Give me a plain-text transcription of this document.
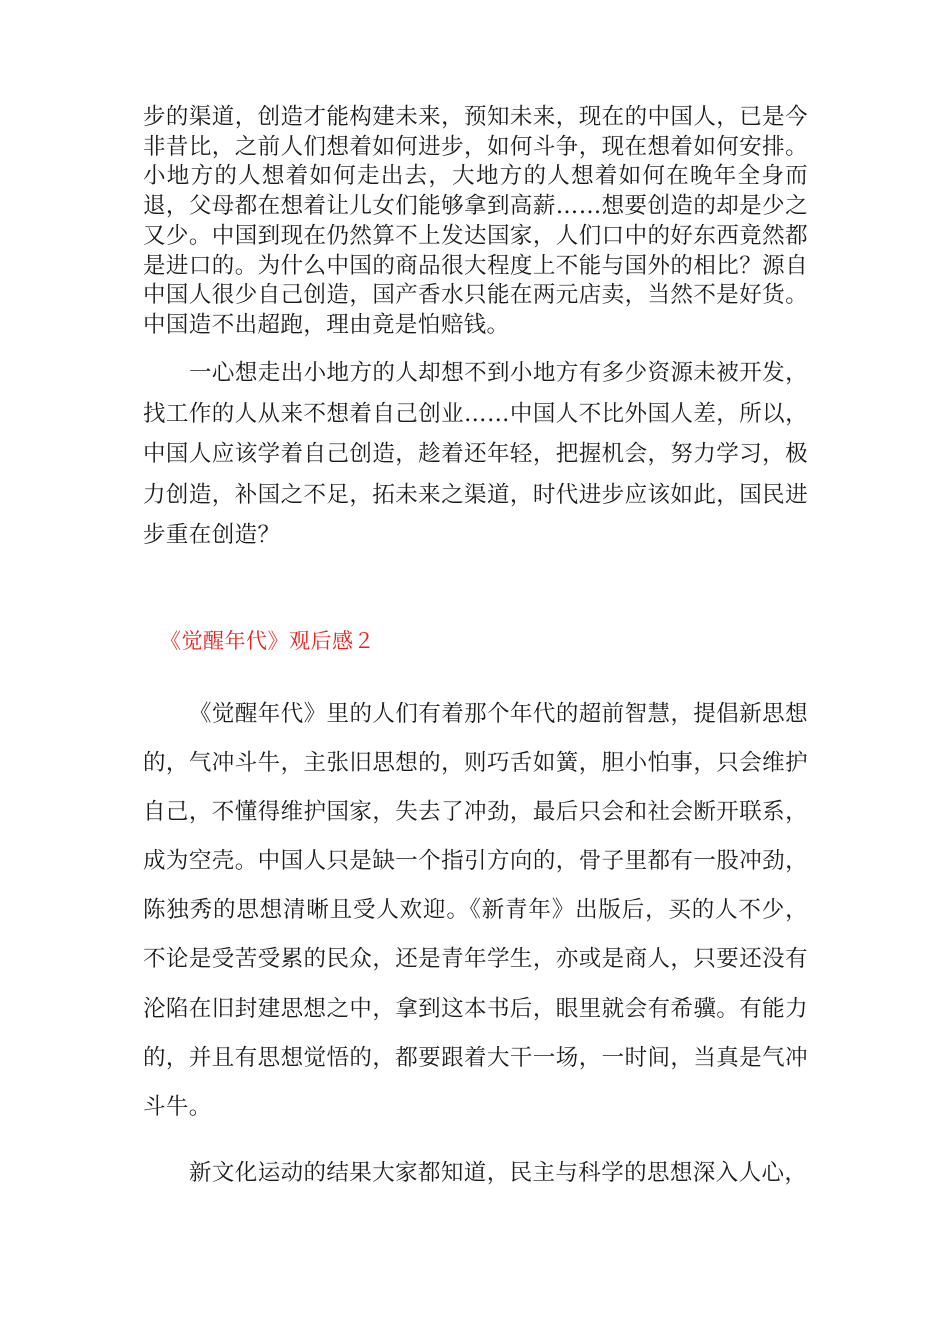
步的渠道，创造才能构建未来，预知未来，现在的中国人，已是今非昔比，之前人们想着如何进步，如何斗争，现在想着如何安排。小地方的人想着如何走出去，大地方的人想着如何在晚年全身而退，父母都在想着让儿女们能够拿到高薪……想要创造的却是少之又少。中国到现在仍然算不上发达国家，人们口中的好东西竟然都是进口的。为什么中国的商品很大程度上不能与国外的相比？源自中国人很少自己创造，国产香水只能在两元店卖，当然不是好货。中国造不出超跑，理由竟是怕赔钱。

一心想走出小地方的人却想不到小地方有多少资源未被开发，找工作的人从来不想着自己创业……中国人不比外国人差，所以，中国人应该学着自己创造，趁着还年轻，把握机会，努力学习，极力创造，补国之不足，拓未来之渠道，时代进步应该如此，国民进步重在创造？

《觉醒年代》观后感２

《觉醒年代》里的人们有着那个年代的超前智慧，提倡新思想的，气冲斗牛，主张旧思想的，则巧舌如簧，胆小怕事，只会维护自己，不懂得维护国家，失去了冲劲，最后只会和社会断开联系，成为空壳。中国人只是缺一个指引方向的，骨子里都有一股冲劲，陈独秀的思想清晰且受人欢迎。《新青年》出版后，买的人不少，不论是受苦受累的民众，还是青年学生，亦或是商人，只要还没有沦陷在旧封建思想之中，拿到这本书后，眼里就会有希骥。有能力的，并且有思想觉悟的，都要跟着大干一场，一时间，当真是气冲斗牛。

新文化运动的结果大家都知道，民主与科学的思想深入人心，
